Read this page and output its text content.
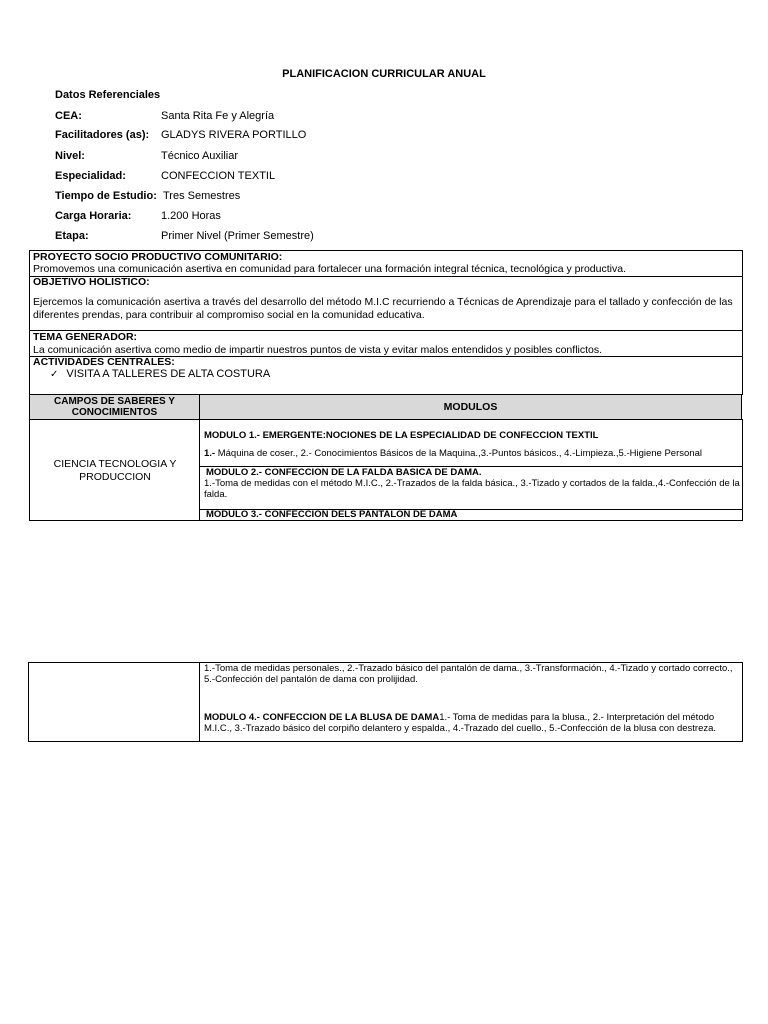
PLANIFICACION CURRICULAR ANUAL
Datos Referenciales
CEA:	Santa Rita Fe y Alegría
Facilitadores (as):	GLADYS RIVERA PORTILLO
Nivel:	Técnico Auxiliar
Especialidad:	CONFECCION TEXTIL
Tiempo de Estudio: Tres Semestres
Carga Horaria:	1.200 Horas
Etapa:	Primer Nivel (Primer Semestre)
PROYECTO SOCIO PRODUCTIVO COMUNITARIO:
Promovemos una comunicación asertiva en comunidad para fortalecer una formación integral técnica, tecnológica y productiva.
OBJETIVO HOLISTICO:
Ejercemos la comunicación asertiva a través del desarrollo del método M.I.C recurriendo a Técnicas de Aprendizaje para el tallado y confección de las diferentes prendas, para contribuir al compromiso social en la comunidad educativa.
TEMA GENERADOR:
La comunicación asertiva como medio de impartir nuestros puntos de vista y evitar malos entendidos y posibles conflictos.
ACTIVIDADES CENTRALES:
✓ VISITA A TALLERES DE ALTA COSTURA
CAMPOS DE SABERES Y CONOCIMIENTOS	MODULOS
CIENCIA TECNOLOGIA Y PRODUCCION
MODULO 1.- EMERGENTE:NOCIONES DE LA ESPECIALIDAD DE CONFECCION TEXTIL
1.- Máquina de coser., 2.- Conocimientos Básicos de la Maquina.,3.-Puntos básicos., 4.-Limpieza.,5.-Higiene Personal
MODULO 2.- CONFECCION DE LA FALDA BASICA DE DAMA.
1.-Toma de medidas con el método M.I.C., 2.-Trazados de la falda básica., 3.-Tizado y cortados de la falda.,4.-Confección de la falda.
MODULO 3.- CONFECCION DELS PANTALON DE DAMA
1.-Toma de medidas personales., 2.-Trazado básico del pantalón de dama., 3.-Transformación., 4.-Tizado y cortado correcto., 5.-Confección del pantalón de dama con prolijidad.
MODULO 4.- CONFECCION DE LA BLUSA DE DAMA1.- Toma de medidas para la blusa., 2.- Interpretación del método M.I.C., 3.-Trazado básico del corpiño delantero y espalda., 4.-Trazado del cuello., 5.-Confección de la blusa con destreza.
